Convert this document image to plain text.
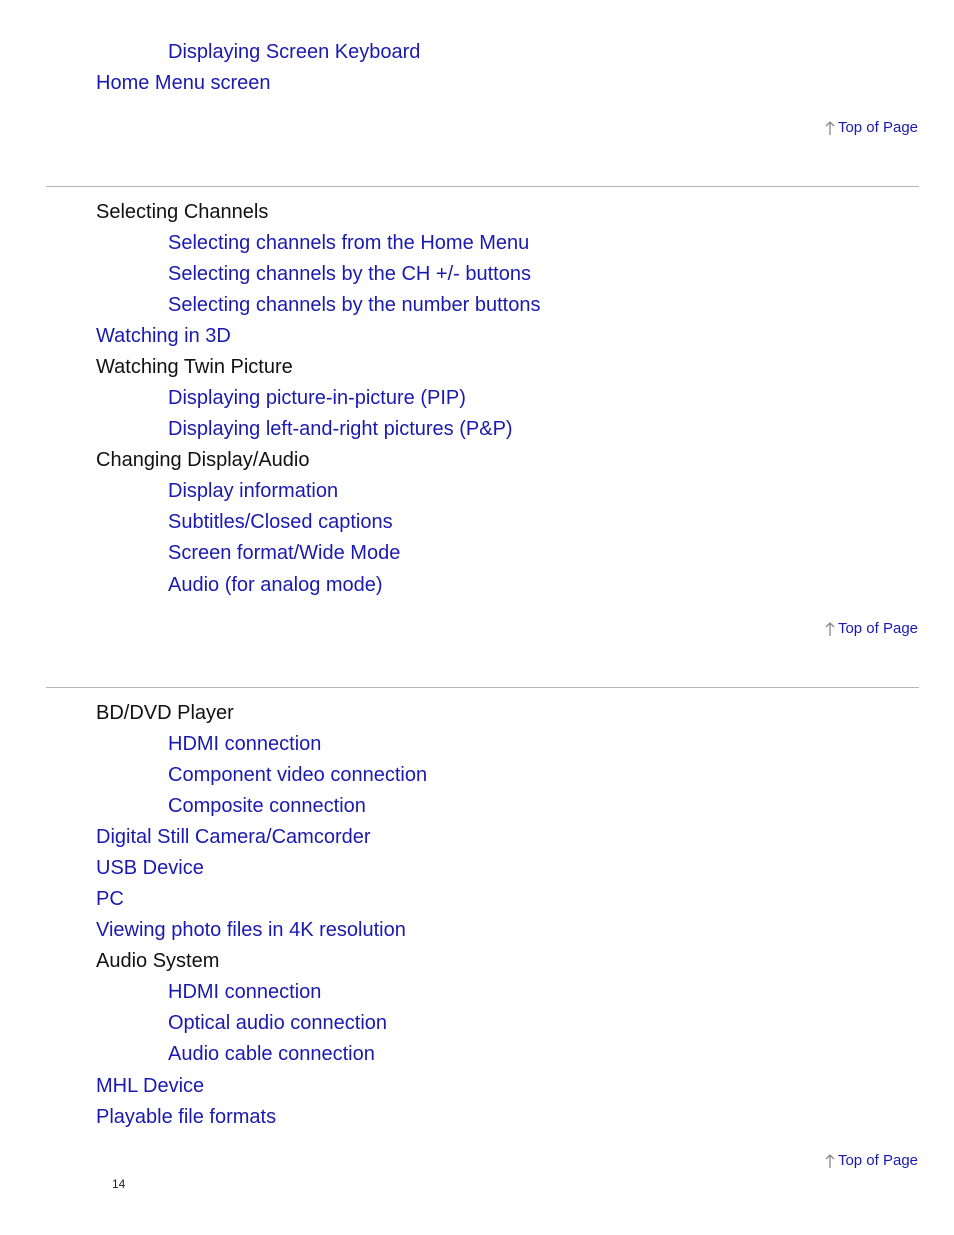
Displaying Screen Keyboard
Home Menu screen
Top of Page
Selecting Channels
Selecting channels from the Home Menu
Selecting channels by the CH +/- buttons
Selecting channels by the number buttons
Watching in 3D
Watching Twin Picture
Displaying picture-in-picture (PIP)
Displaying left-and-right pictures (P&P)
Changing Display/Audio
Display information
Subtitles/Closed captions
Screen format/Wide Mode
Audio (for analog mode)
Top of Page
BD/DVD Player
HDMI connection
Component video connection
Composite connection
Digital Still Camera/Camcorder
USB Device
PC
Viewing photo files in 4K resolution
Audio System
HDMI connection
Optical audio connection
Audio cable connection
MHL Device
Playable file formats
Top of Page
14
